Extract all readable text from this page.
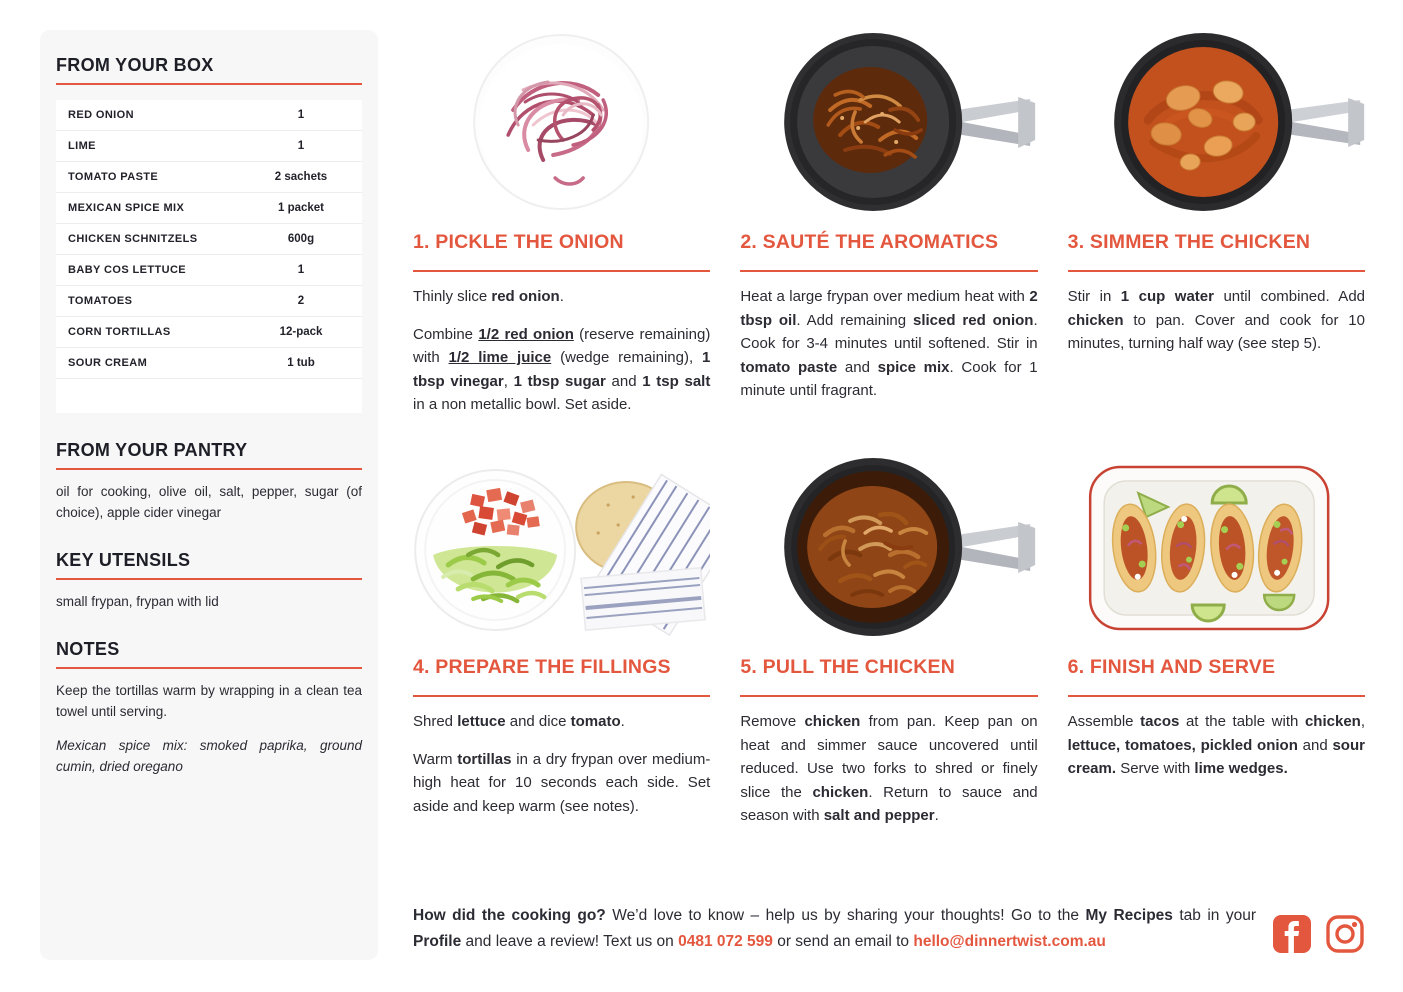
FROM YOUR BOX
RED ONION	1
LIME	1
TOMATO PASTE	2 sachets
MEXICAN SPICE MIX	1 packet
CHICKEN SCHNITZELS	600g
BABY COS LETTUCE	1
TOMATOES	2
CORN TORTILLAS	12-pack
SOUR CREAM	1 tub
FROM YOUR PANTRY
oil for cooking, olive oil, salt, pepper, sugar (of choice), apple cider vinegar
KEY UTENSILS
small frypan, frypan with lid
NOTES
Keep the tortillas warm by wrapping in a clean tea towel until serving.
Mexican spice mix: smoked paprika, ground cumin, dried oregano
1. PICKLE THE ONION

Thinly slice red onion.

Combine 1/2 red onion (reserve remaining) with 1/2 lime juice (wedge remaining), 1 tbsp vinegar, 1 tbsp sugar and 1 tsp salt in a non metallic bowl. Set aside.

2. SAUTÉ THE AROMATICS

Heat a large frypan over medium heat with 2 tbsp oil. Add remaining sliced red onion. Cook for 3-4 minutes until softened. Stir in tomato paste and spice mix. Cook for 1 minute until fragrant.

3. SIMMER THE CHICKEN

Stir in 1 cup water until combined. Add chicken to pan. Cover and cook for 10 minutes, turning half way (see step 5).

4. PREPARE THE FILLINGS

Shred lettuce and dice tomato.

Warm tortillas in a dry frypan over medium-high heat for 10 seconds each side. Set aside and keep warm (see notes).

5. PULL THE CHICKEN

Remove chicken from pan. Keep pan on heat and simmer sauce uncovered until reduced. Use two forks to shred or finely slice the chicken. Return to sauce and season with salt and pepper.

6. FINISH AND SERVE

Assemble tacos at the table with chicken, lettuce, tomatoes, pickled onion and sour cream. Serve with lime wedges.

How did the cooking go? We’d love to know – help us by sharing your thoughts! Go to the My Recipes tab in your Profile and leave a review! Text us on 0481 072 599 or send an email to hello@dinnertwist.com.au
